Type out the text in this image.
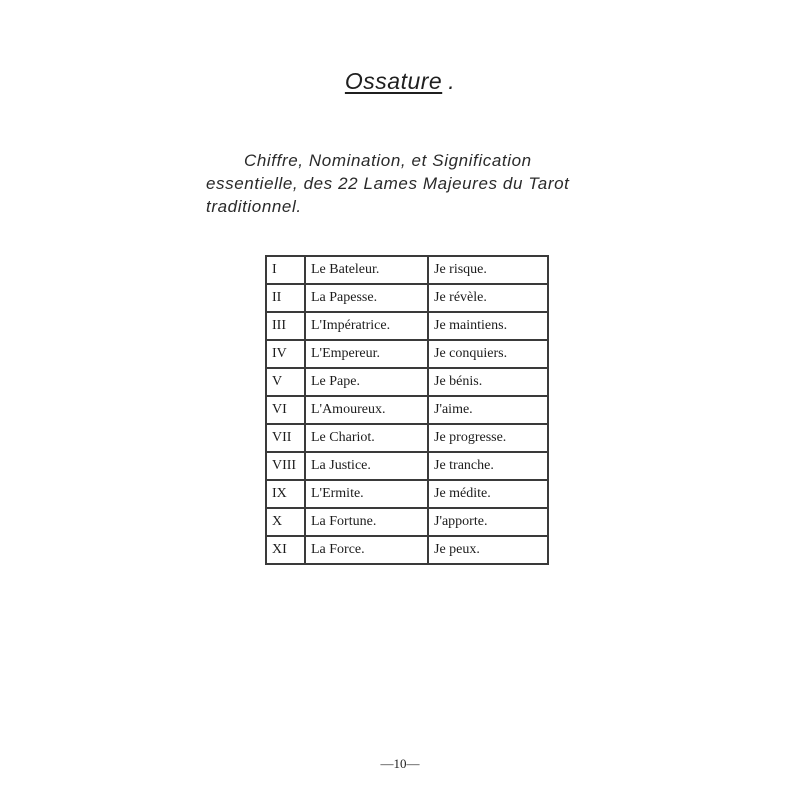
Ossature .

Chiffre, Nomination, et Signification essentielle, des 22 Lames Majeures du Tarot traditionnel.

I	Le Bateleur.	Je risque.
II	La Papesse.	Je révèle.
III	L'Impératrice.	Je maintiens.
IV	L'Empereur.	Je conquiers.
V	Le Pape.	Je bénis.
VI	L'Amoureux.	J'aime.
VII	Le Chariot.	Je progresse.
VIII	La Justice.	Je tranche.
IX	L'Ermite.	Je médite.
X	La Fortune.	J'apporte.
XI	La Force.	Je peux.
—10—
